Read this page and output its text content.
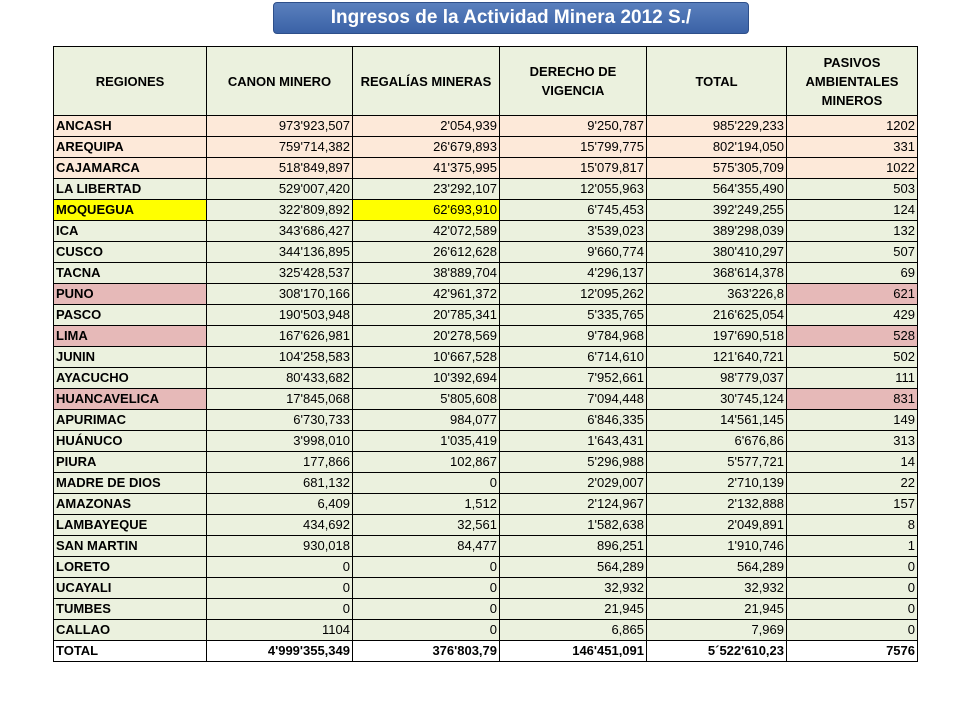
Ingresos de la Actividad Minera 2012 S./
REGIONES	CANON MINERO	REGALÍAS MINERAS	DERECHO DE VIGENCIA	TOTAL	PASIVOS AMBIENTALES MINEROS
ANCASH	973'923,507	2'054,939	9'250,787	985'229,233	1202
AREQUIPA	759'714,382	26'679,893	15'799,775	802'194,050	331
CAJAMARCA	518'849,897	41'375,995	15'079,817	575'305,709	1022
LA LIBERTAD	529'007,420	23'292,107	12'055,963	564'355,490	503
MOQUEGUA	322'809,892	62'693,910	6'745,453	392'249,255	124
ICA	343'686,427	42'072,589	3'539,023	389'298,039	132
CUSCO	344'136,895	26'612,628	9'660,774	380'410,297	507
TACNA	325'428,537	38'889,704	4'296,137	368'614,378	69
PUNO	308'170,166	42'961,372	12'095,262	363'226,8	621
PASCO	190'503,948	20'785,341	5'335,765	216'625,054	429
LIMA	167'626,981	20'278,569	9'784,968	197'690,518	528
JUNIN	104'258,583	10'667,528	6'714,610	121'640,721	502
AYACUCHO	80'433,682	10'392,694	7'952,661	98'779,037	111
HUANCAVELICA	17'845,068	5'805,608	7'094,448	30'745,124	831
APURIMAC	6'730,733	984,077	6'846,335	14'561,145	149
HUÁNUCO	3'998,010	1'035,419	1'643,431	6'676,86	313
PIURA	177,866	102,867	5'296,988	5'577,721	14
MADRE DE DIOS	681,132	0	2'029,007	2'710,139	22
AMAZONAS	6,409	1,512	2'124,967	2'132,888	157
LAMBAYEQUE	434,692	32,561	1'582,638	2'049,891	8
SAN MARTIN	930,018	84,477	896,251	1'910,746	1
LORETO	0	0	564,289	564,289	0
UCAYALI	0	0	32,932	32,932	0
TUMBES	0	0	21,945	21,945	0
CALLAO	1104	0	6,865	7,969	0
TOTAL	4'999'355,349	376'803,79	146'451,091	5´522'610,23	7576
